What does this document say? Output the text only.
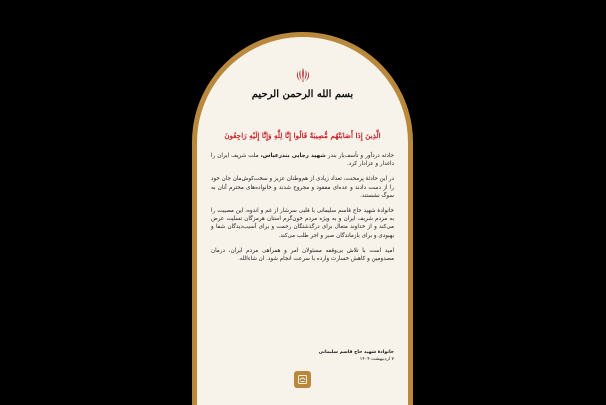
بسم الله الرحمن الرحیم
الَّذِينَ إِذَا أَصَابَتْهُم مُّصِيبَةٌ قَالُوا إِنَّا لِلَّهِ وَإِنَّا إِلَيْهِ رَاجِعُونَ

حادثه دردآور و تأسف‌بار بندر شهید رجایی بندرعباس، ملت شریف ایران را داغدار و عزادار کرد.

در این حادثهٔ پرمحنت، تعداد زیادی از هم‌وطنان عزیز و سخت‌کوش‌مان جان خود را از دست دادند و عده‌ای مفقود و مجروح شدند و خانواده‌های محترم آنان به سوگ نشستند.

خانوادهٔ شهید حاج قاسم سلیمانی با قلبی سرشار از غم و اندوه، این مصیبت را به مردم شریف ایران و به ویژه مردم خون‌گرم استان هرمزگان تسلیت عرض می‌کند و از خداوند متعال برای درگذشتگان رحمت و برای آسیب‌دیدگان شفا و بهبودی و برای بازماندگان صبر و اجر طلب می‌کند.

امید است با تلاش بی‌وقفه مسئولان امر و همراهی مردم ایران، درمان مصدومین و کاهش خسارت وارده با سرعت انجام شود. ان شاءالله.

خانوادهٔ شهید حاج قاسم سلیمانی
۷ اردیبهشت ۱۴۰۴
